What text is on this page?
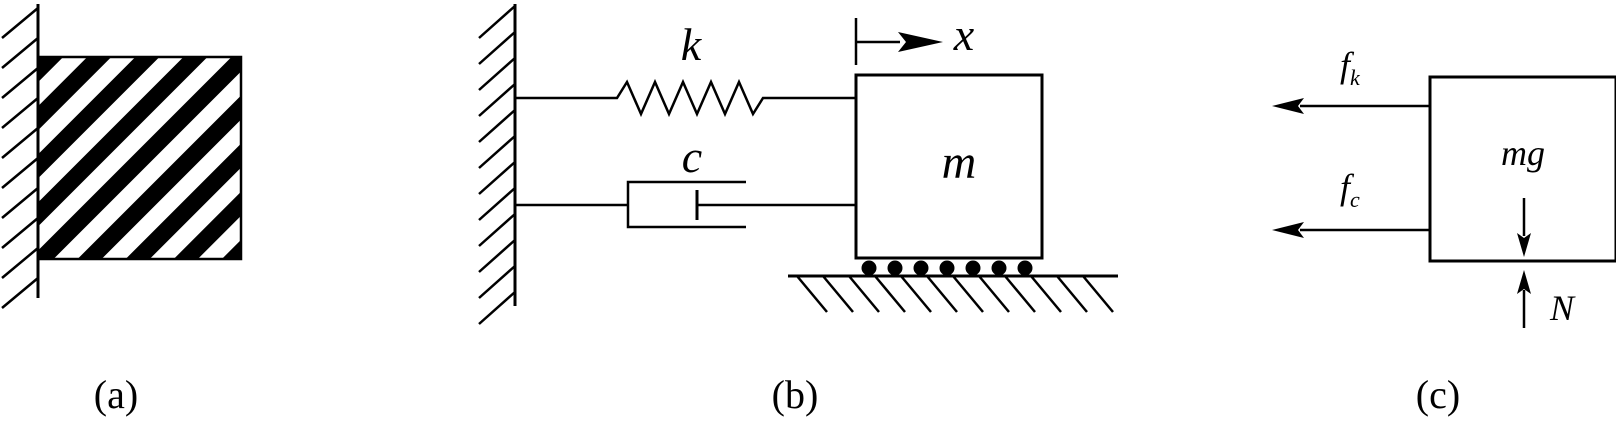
(a)
k
c	m
x
(b)
mg
$f_k$
$f_c$
N
(c)
